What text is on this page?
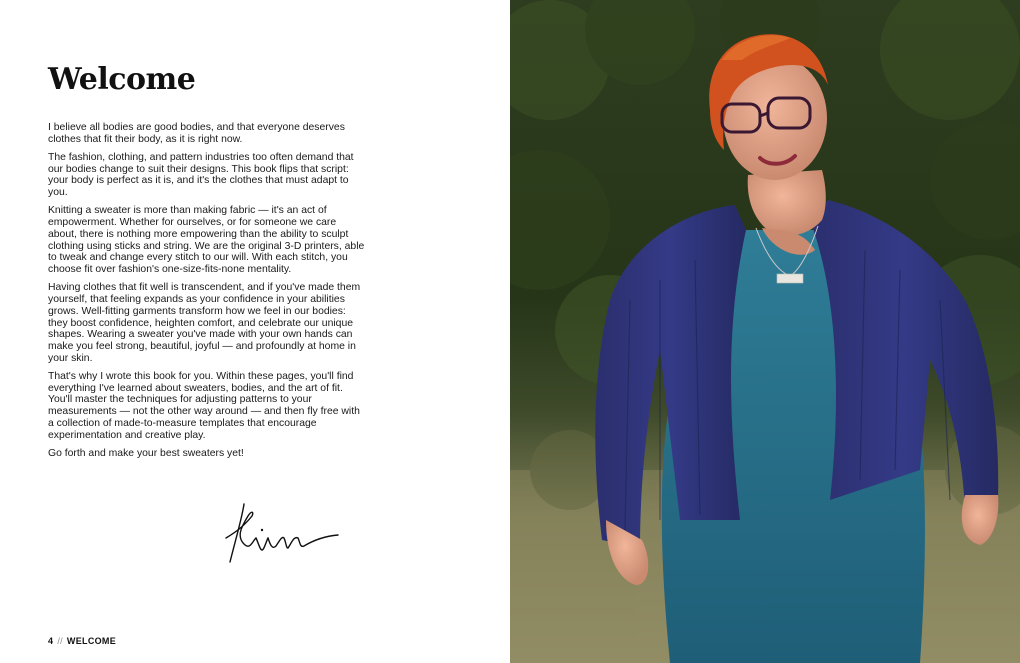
Welcome

I believe all bodies are good bodies, and that everyone deserves clothes that fit their body, as it is right now.

The fashion, clothing, and pattern industries too often demand that our bodies change to suit their designs. This book flips that script: your body is perfect as it is, and it's the clothes that must adapt to you.

Knitting a sweater is more than making fabric — it's an act of empowerment. Whether for ourselves, or for someone we care about, there is nothing more empowering than the ability to sculpt clothing using sticks and string. We are the original 3-D printers, able to tweak and change every stitch to our will. With each stitch, you choose fit over fashion's one-size-fits-none mentality.

Having clothes that fit well is transcendent, and if you've made them yourself, that feeling expands as your confidence in your abilities grows. Well-fitting garments transform how we feel in our bodies: they boost confidence, heighten comfort, and celebrate our unique shapes. Wearing a sweater you've made with your own hands can make you feel strong, beautiful, joyful — and profoundly at home in your skin.

That's why I wrote this book for you. Within these pages, you'll find everything I've learned about sweaters, bodies, and the art of fit. You'll master the techniques for adjusting patterns to your measurements — not the other way around — and then fly free with a collection of made-to-measure templates that encourage experimentation and creative play.

Go forth and make your best sweaters yet!

4 // WELCOME
